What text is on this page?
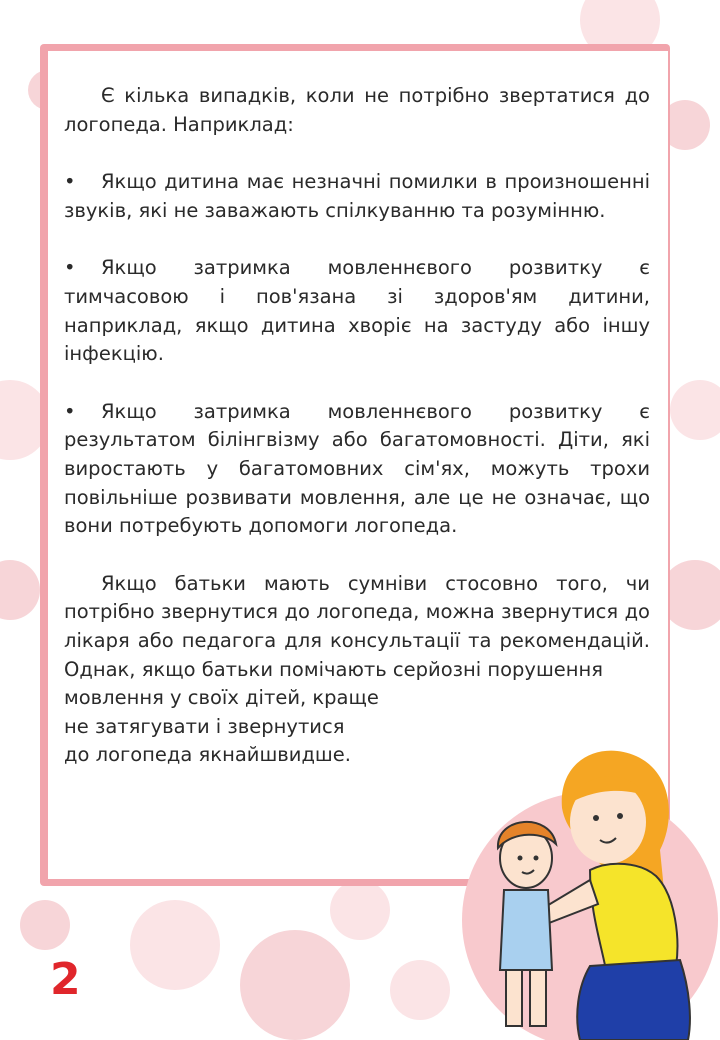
Є кілька випадків, коли не потрібно звертатися до логопеда. Наприклад:

• Якщо дитина має незначні помилки в произношенні звуків, які не заважають спілкуванню та розумінню.

• Якщо затримка мовленнєвого розвитку є тимчасовою і пов'язана зі здоров'ям дитини, наприклад, якщо дитина хворіє на застуду або іншу інфекцію.

• Якщо затримка мовленнєвого розвитку є результатом білінгвізму або багатомовності. Діти, які виростають у багатомовних сім'ях, можуть трохи повільніше розвивати мовлення, але це не означає, що вони потребують допомоги логопеда.

Якщо батьки мають сумніви стосовно того, чи потрібно звернутися до логопеда, можна звернутися до лікаря або педагога для консультації та рекомендацій. Однак, якщо батьки помічають серйозні порушення

мовлення у своїх дітей, краще

не затягувати і звернутися

до логопеда якнайшвидше.

2
